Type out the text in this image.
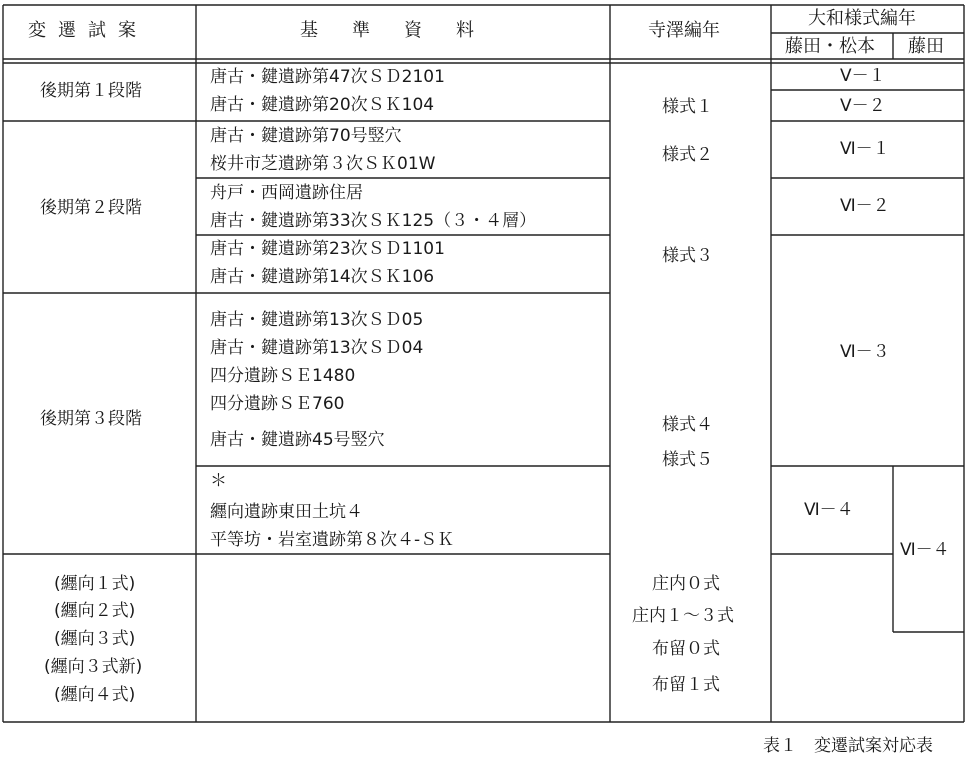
変遷試案	基準資料	寺澤編年
大和様式編年
藤田・松本 藤田
後期第１段階
後期第２段階
後期第３段階
(纒向１式)
(纒向２式)
(纒向３式)
(纒向３式新)
(纒向４式)
唐古・鍵遺跡第47次ＳＤ2101
唐古・鍵遺跡第20次ＳＫ104
唐古・鍵遺跡第70号竪穴
桜井市芝遺跡第３次ＳＫ01W
舟戸・西岡遺跡住居
唐古・鍵遺跡第33次ＳＫ125（３・４層）
唐古・鍵遺跡第23次ＳＤ1101
唐古・鍵遺跡第14次ＳＫ106
唐古・鍵遺跡第13次ＳＤ05
唐古・鍵遺跡第13次ＳＤ04
四分遺跡ＳＥ1480
四分遺跡ＳＥ760
唐古・鍵遺跡45号竪穴
＊
纒向遺跡東田土坑４
平等坊・岩室遺跡第８次４-ＳＫ
様式１
様式２
様式３
様式４
様式５
庄内０式
庄内１～３式
布留０式
布留１式
Ⅴ－１
Ⅴ－２
Ⅵ－１
Ⅵ－２
Ⅵ－３
Ⅵ－４
Ⅵ－４
表１　変遷試案対応表
